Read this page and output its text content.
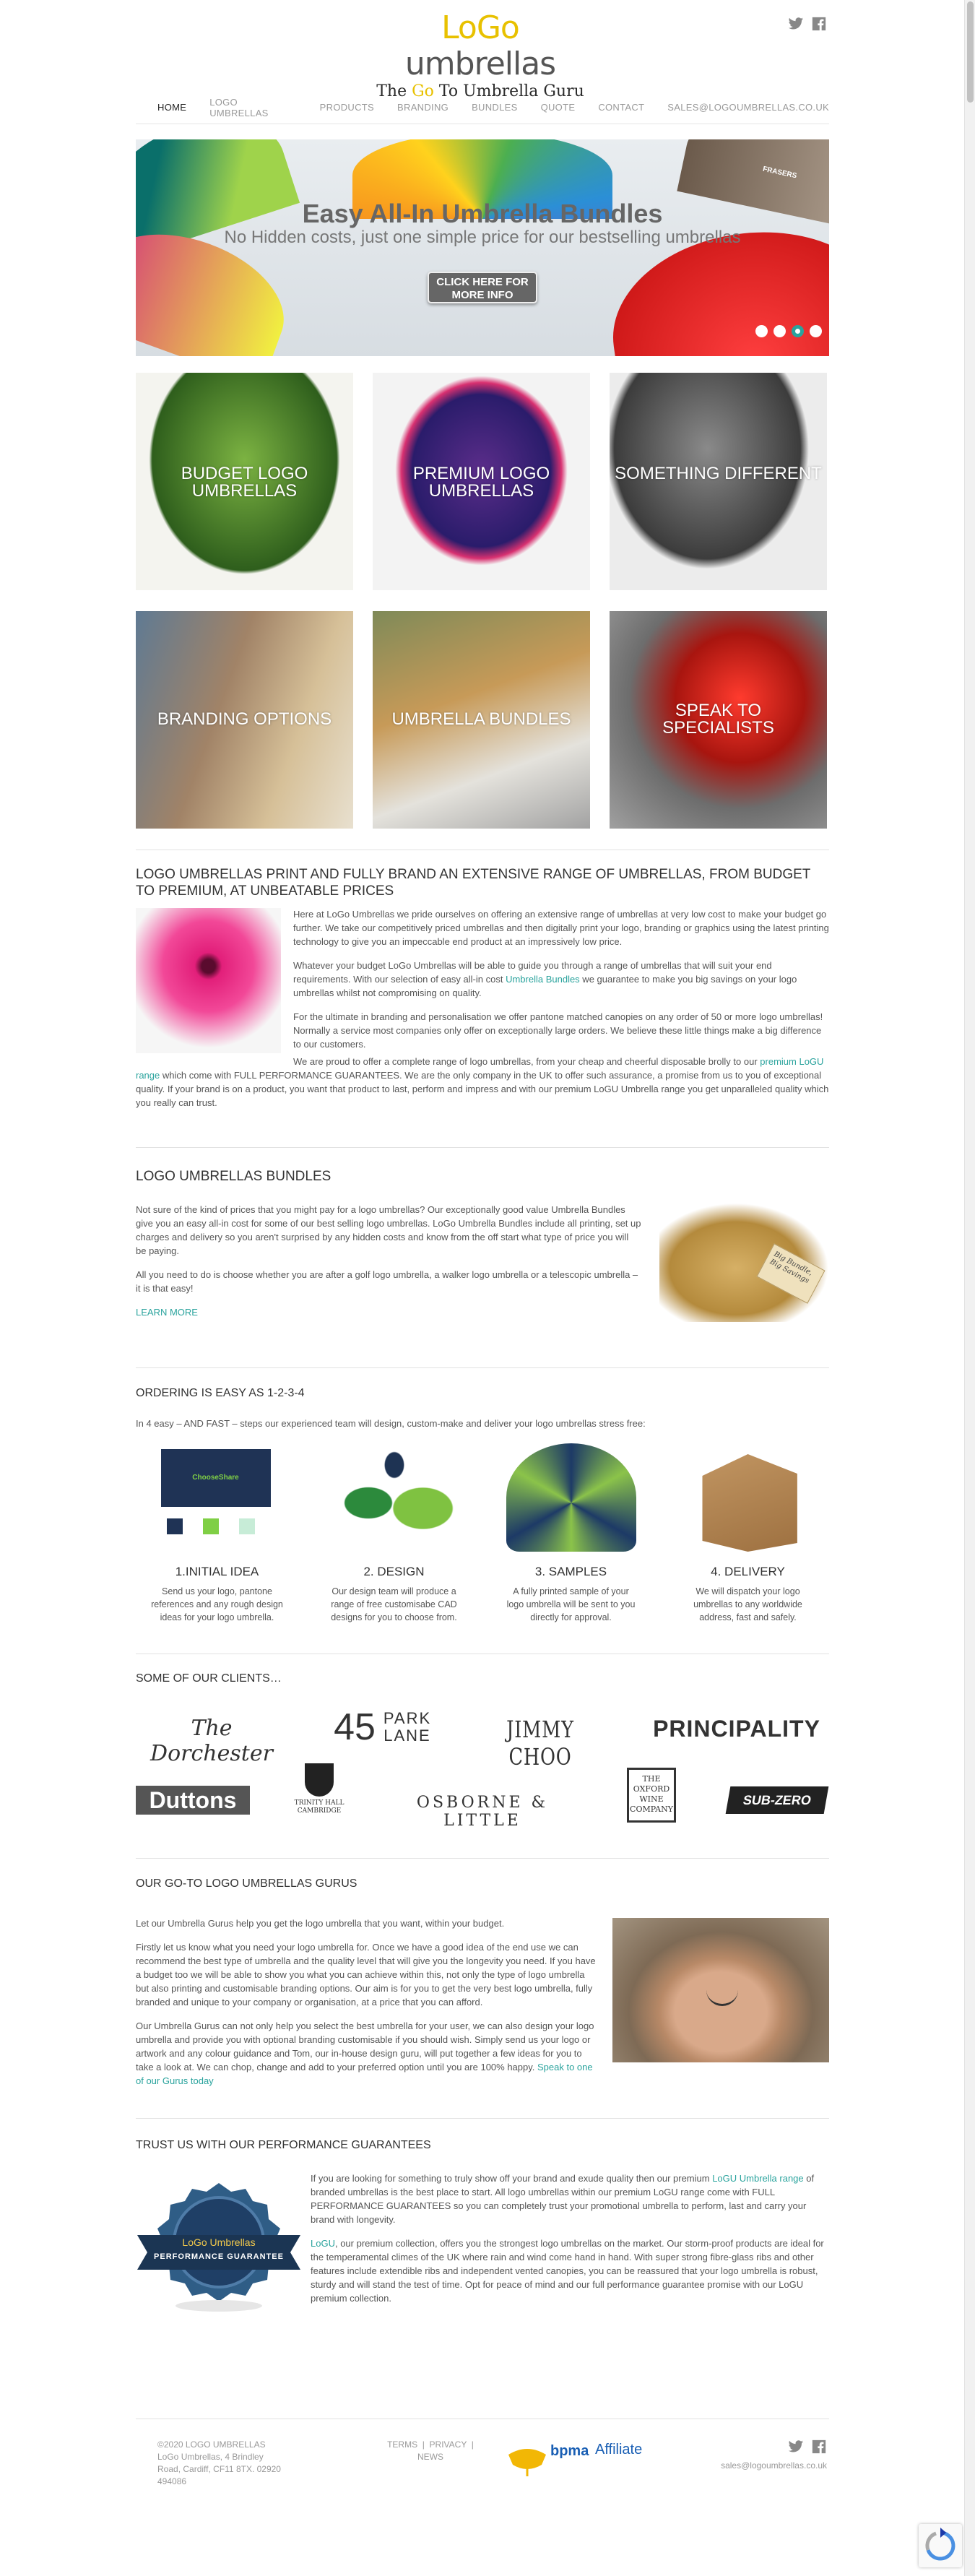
LoGo umbrellas
The Go To Umbrella Guru
HOME LOGO UMBRELLAS	PRODUCTS BRANDING BUNDLES QUOTE CONTACT SALES@LOGOUMBRELLAS.CO.UK
FRASERS
Easy All-In Umbrella Bundles
No Hidden costs, just one simple price for our bestselling umbrellas
CLICK HERE FOR MORE INFO
BUDGET LOGO UMBRELLAS
PREMIUM LOGO UMBRELLAS
SOMETHING DIFFERENT
BRANDING OPTIONS	UMBRELLA BUNDLES	SPEAK TO SPECIALISTS
LOGO UMBRELLAS PRINT AND FULLY BRAND AN EXTENSIVE RANGE OF UMBRELLAS, FROM BUDGET TO PREMIUM, AT UNBEATABLE PRICES

Here at LoGo Umbrellas we pride ourselves on offering an extensive range of umbrellas at very low cost to make your budget go further. We take our competitively priced umbrellas and then digitally print your logo, branding or graphics using the latest printing technology to give you an impeccable end product at an impressively low price.

Whatever your budget LoGo Umbrellas will be able to guide you through a range of umbrellas that will suit your end requirements. With our selection of easy all-in cost Umbrella Bundles we guarantee to make you big savings on your logo umbrellas whilst not compromising on quality.

For the ultimate in branding and personalisation we offer pantone matched canopies on any order of 50 or more logo umbrellas! Normally a service most companies only offer on exceptionally large orders. We believe these little things make a big difference to our customers.

We are proud to offer a complete range of logo umbrellas, from your cheap and cheerful disposable brolly to our premium LoGU range which come with FULL PERFORMANCE GUARANTEES. We are the only company in the UK to offer such assurance, a promise from us to you of exceptional quality. If your brand is on a product, you want that product to last, perform and impress and with our premium LoGU Umbrella range you get unparalleled quality which you really can trust.

LOGO UMBRELLAS BUNDLES

Not sure of the kind of prices that you might pay for a logo umbrellas? Our exceptionally good value Umbrella Bundles give you an easy all-in cost for some of our best selling logo umbrellas. LoGo Umbrella Bundles include all printing, set up charges and delivery so you aren't surprised by any hidden costs and know from the off start what type of price you will be paying.

All you need to do is choose whether you are after a golf logo umbrella, a walker logo umbrella or a telescopic umbrella – it is that easy!

LEARN MORE

Big Bundle, Big Savings
ORDERING IS EASY AS 1-2-3-4

In 4 easy – AND FAST – steps our experienced team will design, custom-make and deliver your logo umbrellas stress free:

ChooseShare
1.INITIAL IDEA

Send us your logo, pantone references and any rough design ideas for your logo umbrella.

2. DESIGN

Our design team will produce a range of free customisabe CAD designs for you to choose from.

3. SAMPLES

A fully printed sample of your logo umbrella will be sent to you directly for approval.

4. DELIVERY

We will dispatch your logo umbrellas to any worldwide address, fast and safely.

SOME OF OUR CLIENTS…
The Dorchester
45 PARK
LANE	JIMMY CHOO
PRINCIPALITY
Duttons	TRINITY HALL
CAMBRIDGE	OSBORNE & LITTLE
THE
OXFORD
WINE
COMPANY
SUB-ZERO
OUR GO-TO LOGO UMBRELLAS GURUS

Let our Umbrella Gurus help you get the logo umbrella that you want, within your budget.

Firstly let us know what you need your logo umbrella for. Once we have a good idea of the end use we can recommend the best type of umbrella and the quality level that will give you the longevity you need. If you have a budget too we will be able to show you what you can achieve within this, not only the type of logo umbrella but also printing and customisable branding options. Our aim is for you to get the very best logo umbrella, fully branded and unique to your company or organisation, at a price that you can afford.

Our Umbrella Gurus can not only help you select the best umbrella for your user, we can also design your logo umbrella and provide you with optional branding customisable if you should wish. Simply send us your logo or artwork and any colour guidance and Tom, our in-house design guru, will put together a few ideas for you to take a look at. We can chop, change and add to your preferred option until you are 100% happy. Speak to one of our Gurus today

TRUST US WITH OUR PERFORMANCE GUARANTEES
LoGo Umbrellas
PERFORMANCE GUARANTEE

If you are looking for something to truly show off your brand and exude quality then our premium LoGU Umbrella range of branded umbrellas is the best place to start. All logo umbrellas within our premium LoGU range come with FULL PERFORMANCE GUARANTEES so you can completely trust your promotional umbrella to perform, last and carry your brand with longevity.

LoGU, our premium collection, offers you the strongest logo umbrellas on the market. Our storm-proof products are ideal for the temperamental climes of the UK where rain and wind come hand in hand. With super strong fibre-glass ribs and other features include extendible ribs and independent vented canopies, you can be reassured that your logo umbrella is robust, sturdy and will stand the test of time. Opt for peace of mind and our full performance guarantee promise with our LoGU premium collection.

©2020 LOGO UMBRELLAS
LoGo Umbrellas, 4 Brindley
Road, Cardiff, CF11 8TX. 02920
494086
TERMS  |  PRIVACY  |
NEWS	bpma Affiliate
sales@logoumbrellas.co.uk
